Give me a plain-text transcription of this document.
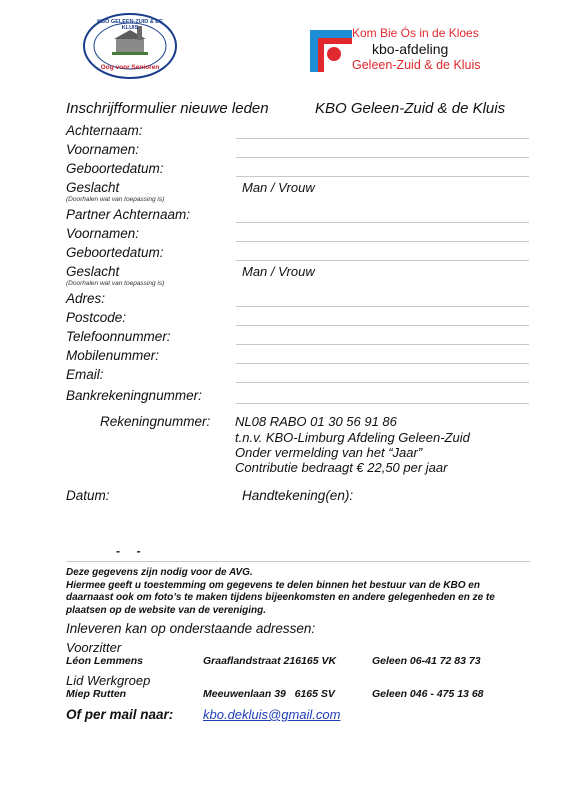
KBO GELEEN-ZUID & DE KLUIS
Oog voor Senioren
Kom Bie Ós in de Kloes
kbo-afdeling
Geleen-Zuid & de Kluis
Inschrijfformulier nieuwe leden	KBO Geleen-Zuid & de Kluis
Achternaam:
Voornamen:
Geboortedatum:
Geslacht
(Doorhalen wat van toepassing is)
Man / Vrouw
Partner Achternaam:
Voornamen:
Geboortedatum:
Geslacht
(Doorhalen wat van toepassing is)
Man / Vrouw
Adres:
Postcode:
Telefoonnummer:
Mobilenummer:
Email:
Bankrekeningnummer:
Rekeningnummer: NL08 RABO 01 30 56 91 86
t.n.v. KBO-Limburg Afdeling Geleen-Zuid
Onder vermelding van het “Jaar”
Contributie bedraagt € 22,50 per jaar
Datum:	Handtekening(en):
-     -
Deze gegevens zijn nodig voor de AVG.
Hiermee geeft u toestemming om gegevens te delen binnen het bestuur van de KBO en
daarnaast ook om foto’s te maken tijdens bijeenkomsten en andere gelegenheden en ze te
plaatsen op de website van de vereniging.
Inleveren kan op onderstaande adressen:
Voorzitter
Léon Lemmens	Graaflandstraat 216165 VK	Geleen 06-41 72 83 73
Lid Werkgroep
Miep Rutten	Meeuwenlaan 39   6165 SV	Geleen 046 - 475 13 68
Of per mail naar: kbo.dekluis@gmail.com
